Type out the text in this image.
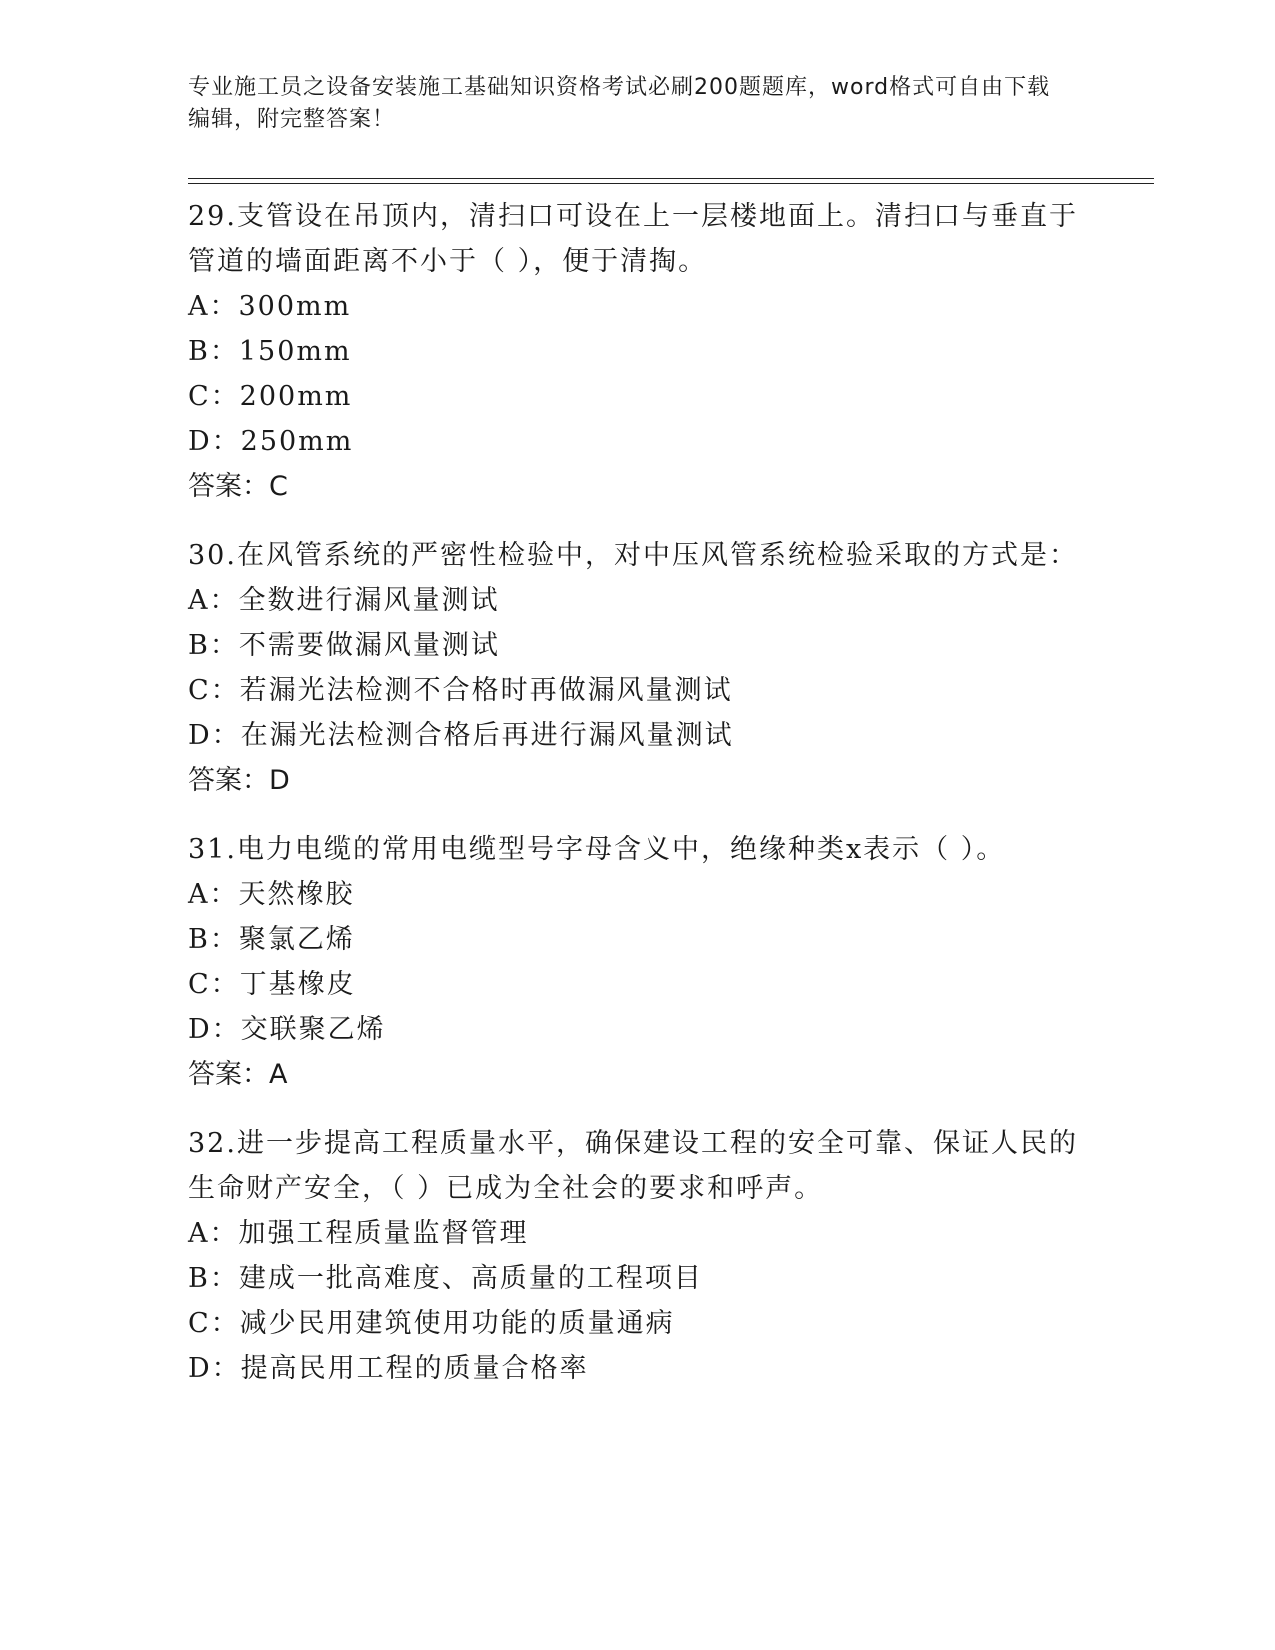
专业施工员之设备安装施工基础知识资格考试必刷200题题库，word格式可自由下载编辑，附完整答案！

29.支管设在吊顶内，清扫口可设在上一层楼地面上。清扫口与垂直于管道的墙面距离不小于（ ），便于清掏。

A：300mm

B：150mm

C：200mm

D：250mm

答案：C

30.在风管系统的严密性检验中，对中压风管系统检验采取的方式是：

A：全数进行漏风量测试

B：不需要做漏风量测试

C：若漏光法检测不合格时再做漏风量测试

D：在漏光法检测合格后再进行漏风量测试

答案：D

31.电力电缆的常用电缆型号字母含义中，绝缘种类x表示（ ）。

A：天然橡胶

B：聚氯乙烯

C：丁基橡皮

D：交联聚乙烯

答案：A

32.进一步提高工程质量水平，确保建设工程的安全可靠、保证人民的生命财产安全，（ ）已成为全社会的要求和呼声。

A：加强工程质量监督管理

B：建成一批高难度、高质量的工程项目

C：减少民用建筑使用功能的质量通病

D：提高民用工程的质量合格率
